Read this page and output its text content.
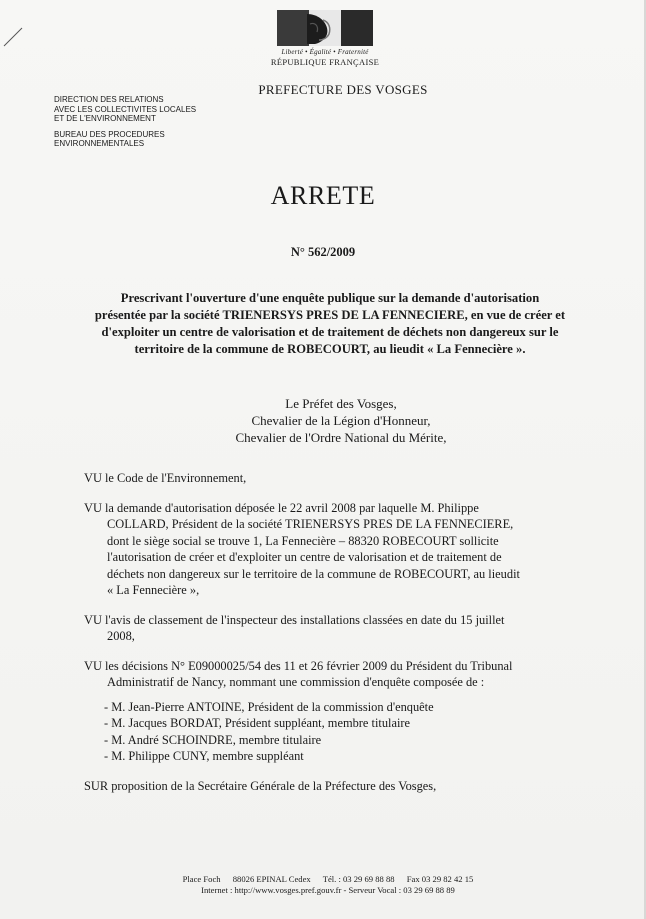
Liberté • Égalité • Fraternité
RÉPUBLIQUE FRANÇAISE
PREFECTURE DES VOSGES
DIRECTION DES RELATIONS
AVEC LES COLLECTIVITES LOCALES
ET DE L'ENVIRONNEMENT
BUREAU DES PROCEDURES
ENVIRONNEMENTALES
ARRETE
N° 562/2009
Prescrivant l'ouverture d'une enquête publique sur la demande d'autorisation
présentée par la société TRIENERSYS PRES DE LA FENNECIERE, en vue de créer et
d'exploiter un centre de valorisation et de traitement de déchets non dangereux sur le
territoire de la commune de ROBECOURT, au lieudit « La Fennecière ».
Le Préfet des Vosges,
Chevalier de la Légion d'Honneur,
Chevalier de l'Ordre National du Mérite,
VU le Code de l'Environnement,
VU la demande d'autorisation déposée le 22 avril 2008 par laquelle M. Philippe
COLLARD, Président de la société TRIENERSYS PRES DE LA FENNECIERE,
dont le siège social se trouve 1, La Fennecière – 88320 ROBECOURT sollicite
l'autorisation de créer et d'exploiter un centre de valorisation et de traitement de
déchets non dangereux sur le territoire de la commune de ROBECOURT, au lieudit
« La Fennecière »,
VU l'avis de classement de l'inspecteur des installations classées en date du 15 juillet
2008,
VU les décisions N° E09000025/54 des 11 et 26 février 2009 du Président du Tribunal
Administratif de Nancy, nommant une commission d'enquête composée de :
- M. Jean-Pierre ANTOINE, Président de la commission d'enquête
- M. Jacques BORDAT, Président suppléant, membre titulaire
- M. André SCHOINDRE, membre titulaire
- M. Philippe CUNY, membre suppléant
SUR proposition de la Secrétaire Générale de la Préfecture des Vosges,
Place Foch 88026 EPINAL Cedex Tél. : 03 29 69 88 88 Fax 03 29 82 42 15
Internet : http://www.vosges.pref.gouv.fr - Serveur Vocal : 03 29 69 88 89
